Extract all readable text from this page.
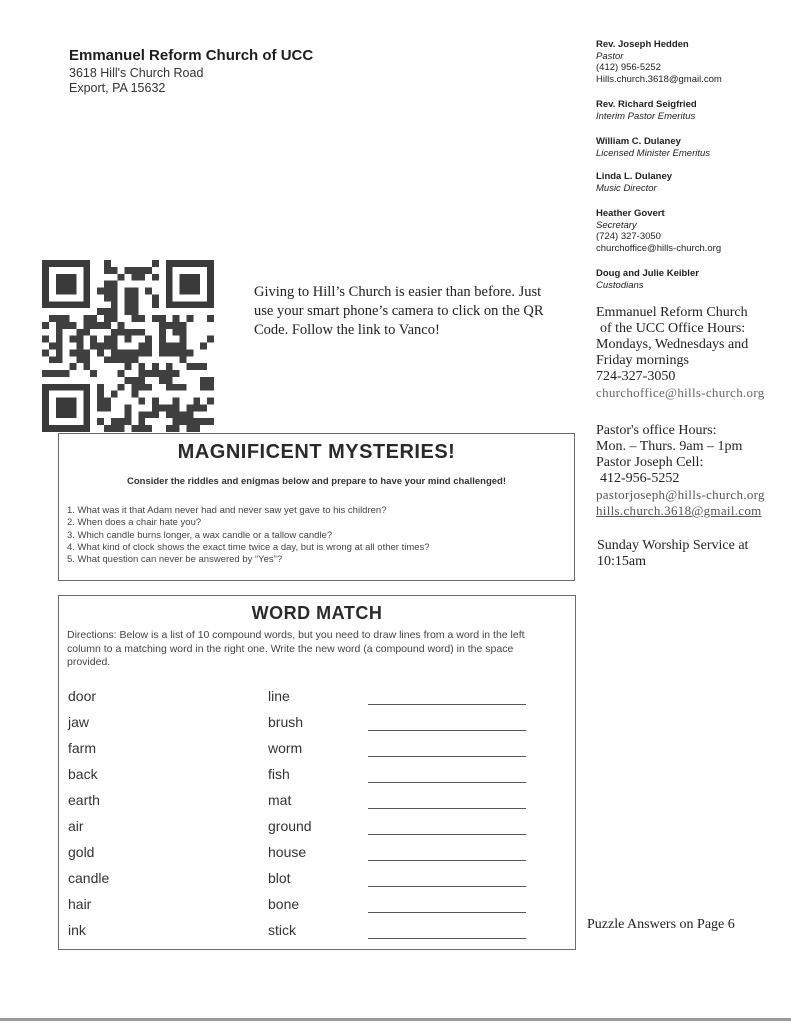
Emmanuel Reform Church of UCC
3618 Hill's Church Road
Export, PA 15632
Rev. Joseph Hedden
Pastor
(412) 956-5252
Hills.church.3618@gmail.com
Rev. Richard Seigfried
Interim Pastor Emeritus
William C. Dulaney
Licensed Minister Emeritus
Linda L. Dulaney
Music Director
Heather Govert
Secretary
(724) 327-3050
churchoffice@hills-church.org
Doug and Julie Keibler
Custodians
Emmanuel Reform Church
of the UCC Office Hours:
Mondays, Wednesdays and
Friday mornings
724-327-3050
churchoffice@hills-church.org
Pastor's office Hours:
Mon. – Thurs. 9am – 1pm
Pastor Joseph Cell:
412-956-5252
pastorjoseph@hills-church.org
hills.church.3618@gmail.com
Sunday Worship Service at
10:15am
Giving to Hill’s Church is easier than before. Just use your smart phone’s camera to click on the QR Code. Follow the link to Vanco!
MAGNIFICENT MYSTERIES!
Consider the riddles and enigmas below and prepare to have your mind challenged!
1. What was it that Adam never had and never saw yet gave to his children?
2. When does a chair hate you?
3. Which candle burns longer, a wax candle or a tallow candle?
4. What kind of clock shows the exact time twice a day, but is wrong at all other times?
5. What question can never be answered by “Yes”?
WORD MATCH
Directions: Below is a list of 10 compound words, but you need to draw lines from a word in the left column to a matching word in the right one. Write the new word (a compound word) in the space provided.
door	line
jaw	brush
farm	worm
back	fish
earth	mat
air	ground
gold	house
candle	blot
hair	bone
ink	stick	Puzzle Answers on Page 6
